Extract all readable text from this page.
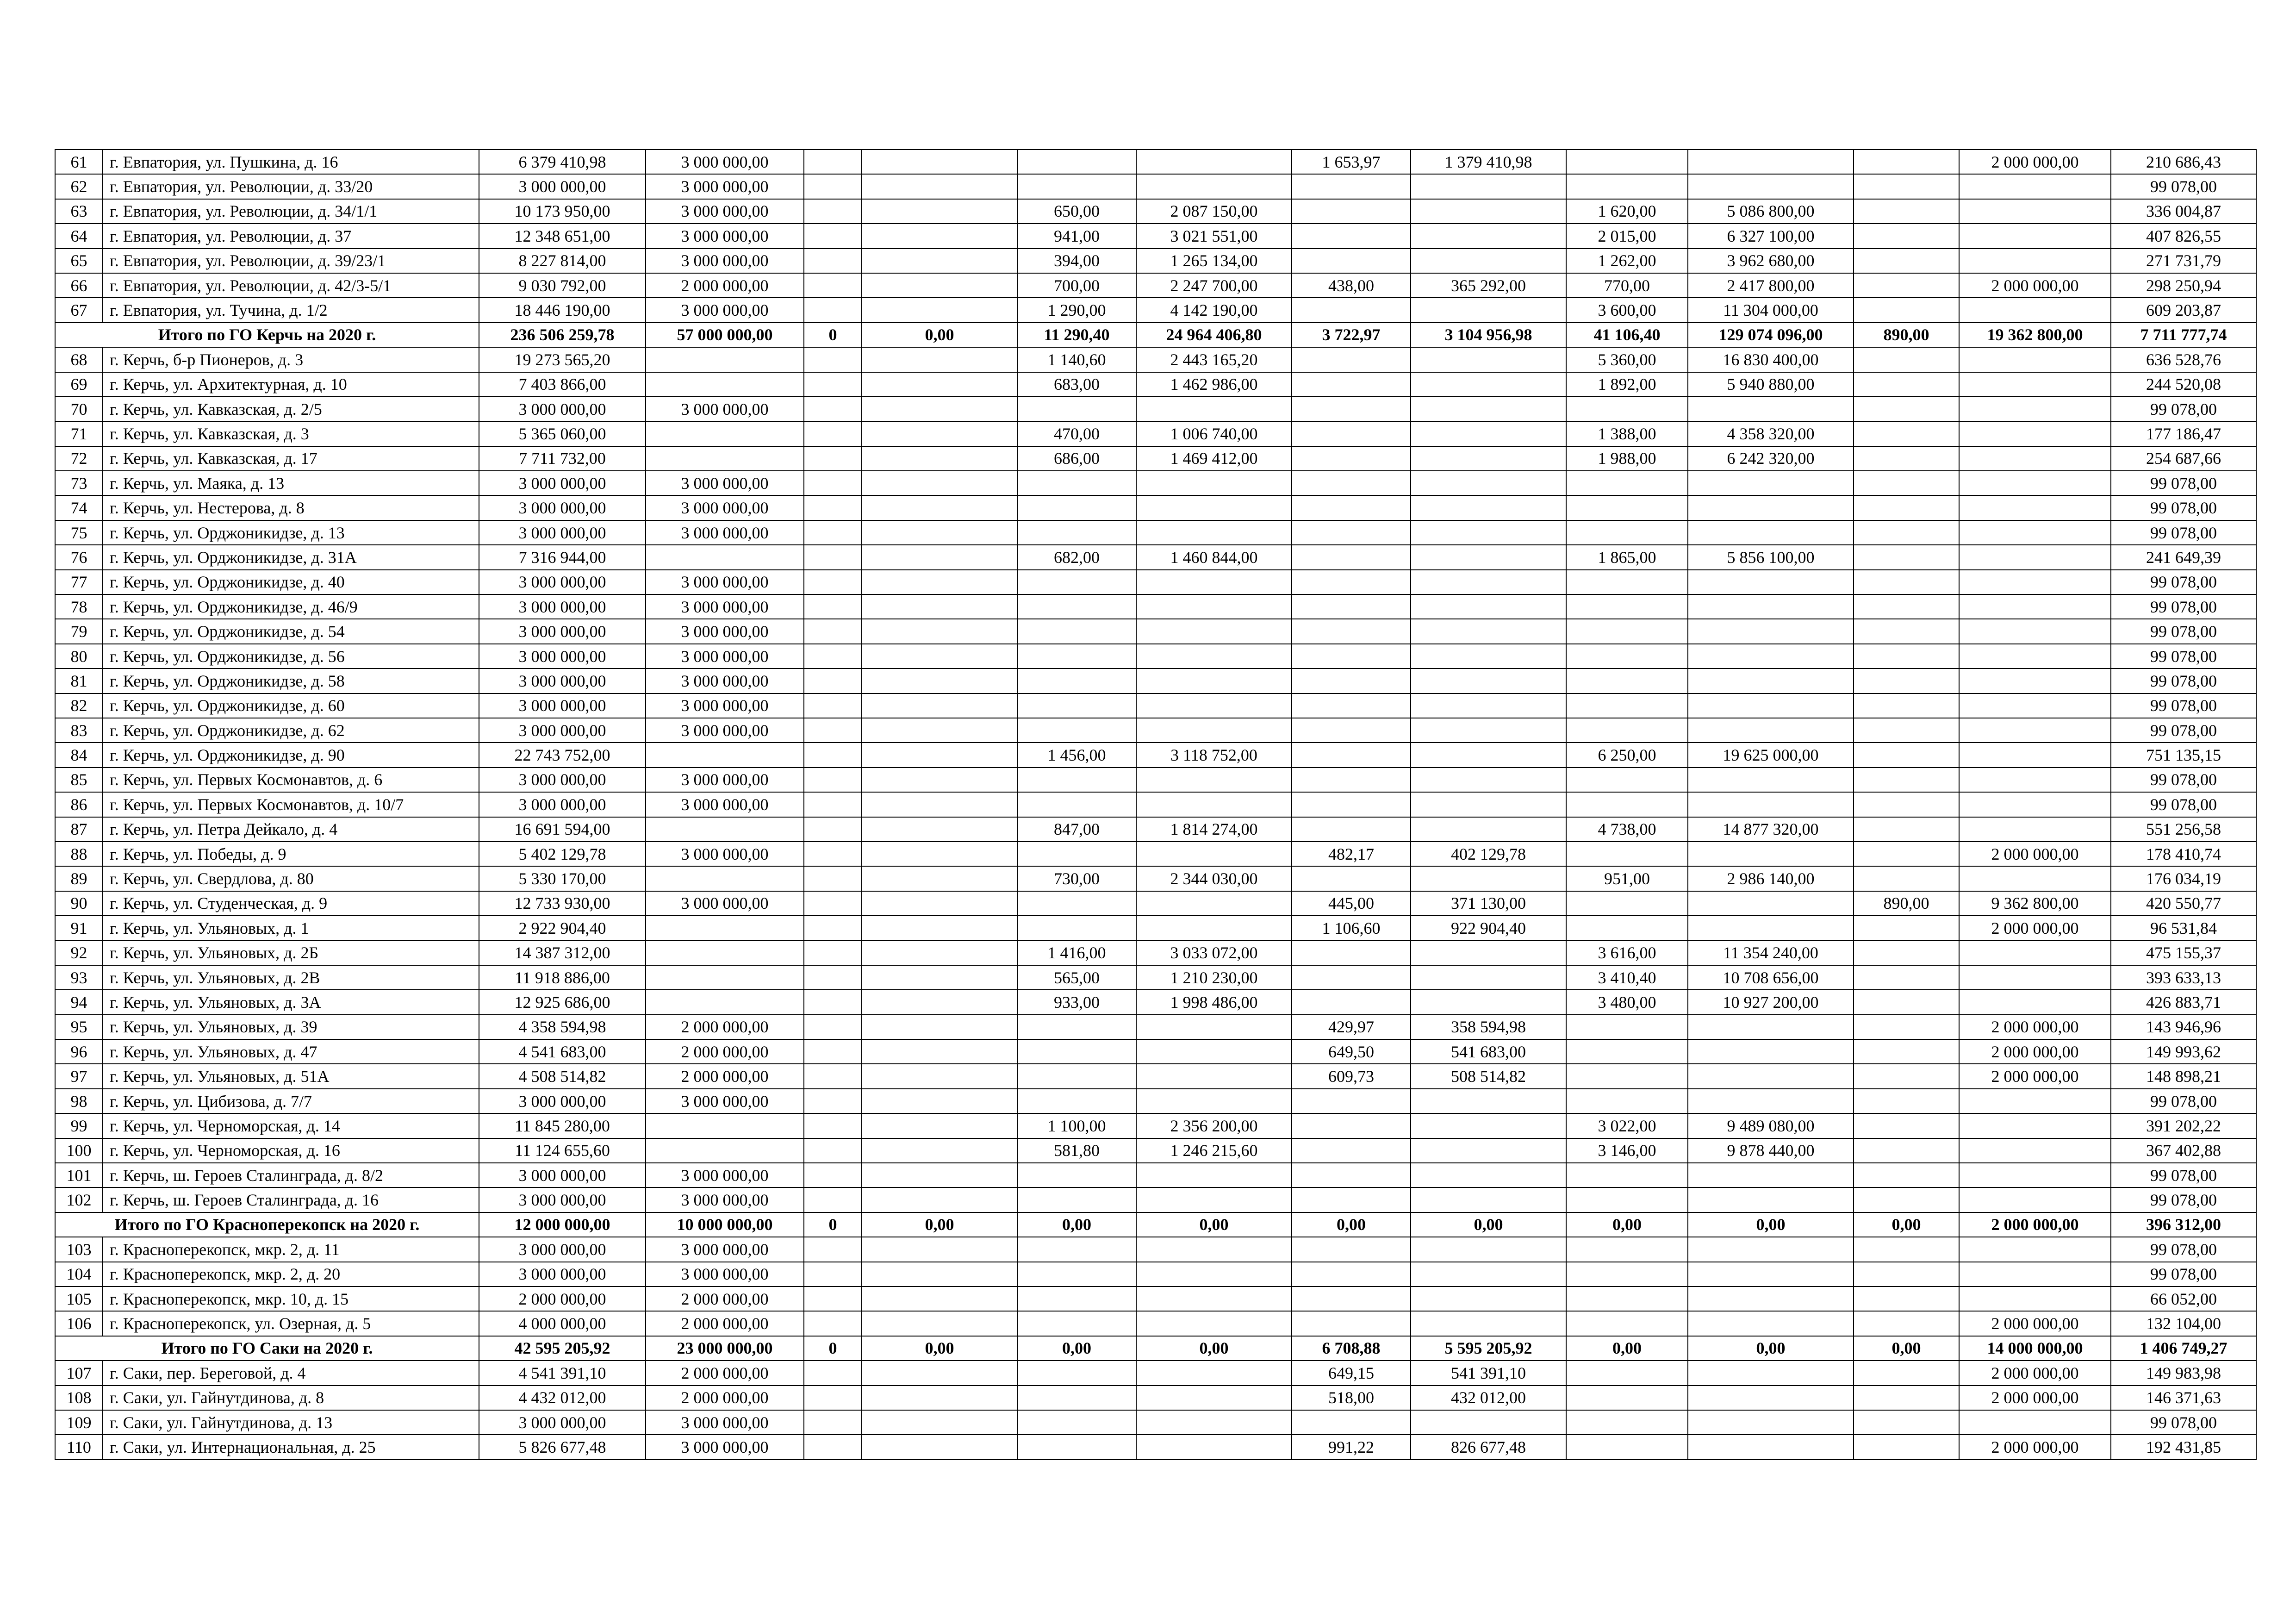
61	г. Евпатория, ул. Пушкина, д. 16	6 379 410,98	3 000 000,00					1 653,97	1 379 410,98				2 000 000,00	210 686,43
62	г. Евпатория, ул. Революции, д. 33/20	3 000 000,00	3 000 000,00											99 078,00
63	г. Евпатория, ул. Революции, д. 34/1/1	10 173 950,00	3 000 000,00			650,00	2 087 150,00			1 620,00	5 086 800,00			336 004,87
64	г. Евпатория, ул. Революции, д. 37	12 348 651,00	3 000 000,00			941,00	3 021 551,00			2 015,00	6 327 100,00			407 826,55
65	г. Евпатория, ул. Революции, д. 39/23/1	8 227 814,00	3 000 000,00			394,00	1 265 134,00			1 262,00	3 962 680,00			271 731,79
66	г. Евпатория, ул. Революции, д. 42/3-5/1	9 030 792,00	2 000 000,00			700,00	2 247 700,00	438,00	365 292,00	770,00	2 417 800,00		2 000 000,00	298 250,94
67	г. Евпатория, ул. Тучина, д. 1/2	18 446 190,00	3 000 000,00			1 290,00	4 142 190,00			3 600,00	11 304 000,00			609 203,87
Итого по ГО Керчь на 2020 г.		236 506 259,78	57 000 000,00	0	0,00	11 290,40	24 964 406,80	3 722,97	3 104 956,98	41 106,40	129 074 096,00	890,00	19 362 800,00	7 711 777,74
68	г. Керчь, б-р Пионеров, д. 3	19 273 565,20				1 140,60	2 443 165,20			5 360,00	16 830 400,00			636 528,76
69	г. Керчь, ул. Архитектурная, д. 10	7 403 866,00				683,00	1 462 986,00			1 892,00	5 940 880,00			244 520,08
70	г. Керчь, ул. Кавказская, д. 2/5	3 000 000,00	3 000 000,00											99 078,00
71	г. Керчь, ул. Кавказская, д. 3	5 365 060,00				470,00	1 006 740,00			1 388,00	4 358 320,00			177 186,47
72	г. Керчь, ул. Кавказская, д. 17	7 711 732,00				686,00	1 469 412,00			1 988,00	6 242 320,00			254 687,66
73	г. Керчь, ул. Маяка, д. 13	3 000 000,00	3 000 000,00											99 078,00
74	г. Керчь, ул. Нестерова, д. 8	3 000 000,00	3 000 000,00											99 078,00
75	г. Керчь, ул. Орджоникидзе, д. 13	3 000 000,00	3 000 000,00											99 078,00
76	г. Керчь, ул. Орджоникидзе, д. 31А	7 316 944,00				682,00	1 460 844,00			1 865,00	5 856 100,00			241 649,39
77	г. Керчь, ул. Орджоникидзе, д. 40	3 000 000,00	3 000 000,00											99 078,00
78	г. Керчь, ул. Орджоникидзе, д. 46/9	3 000 000,00	3 000 000,00											99 078,00
79	г. Керчь, ул. Орджоникидзе, д. 54	3 000 000,00	3 000 000,00											99 078,00
80	г. Керчь, ул. Орджоникидзе, д. 56	3 000 000,00	3 000 000,00											99 078,00
81	г. Керчь, ул. Орджоникидзе, д. 58	3 000 000,00	3 000 000,00											99 078,00
82	г. Керчь, ул. Орджоникидзе, д. 60	3 000 000,00	3 000 000,00											99 078,00
83	г. Керчь, ул. Орджоникидзе, д. 62	3 000 000,00	3 000 000,00											99 078,00
84	г. Керчь, ул. Орджоникидзе, д. 90	22 743 752,00				1 456,00	3 118 752,00			6 250,00	19 625 000,00			751 135,15
85	г. Керчь, ул. Первых Космонавтов, д. 6	3 000 000,00	3 000 000,00											99 078,00
86	г. Керчь, ул. Первых Космонавтов, д. 10/7	3 000 000,00	3 000 000,00											99 078,00
87	г. Керчь, ул. Петра Дейкало, д. 4	16 691 594,00				847,00	1 814 274,00			4 738,00	14 877 320,00			551 256,58
88	г. Керчь, ул. Победы, д. 9	5 402 129,78	3 000 000,00					482,17	402 129,78				2 000 000,00	178 410,74
89	г. Керчь, ул. Свердлова, д. 80	5 330 170,00				730,00	2 344 030,00			951,00	2 986 140,00			176 034,19
90	г. Керчь, ул. Студенческая, д. 9	12 733 930,00	3 000 000,00					445,00	371 130,00			890,00	9 362 800,00	420 550,77
91	г. Керчь, ул. Ульяновых, д. 1	2 922 904,40						1 106,60	922 904,40				2 000 000,00	96 531,84
92	г. Керчь, ул. Ульяновых, д. 2Б	14 387 312,00				1 416,00	3 033 072,00			3 616,00	11 354 240,00			475 155,37
93	г. Керчь, ул. Ульяновых, д. 2В	11 918 886,00				565,00	1 210 230,00			3 410,40	10 708 656,00			393 633,13
94	г. Керчь, ул. Ульяновых, д. 3А	12 925 686,00				933,00	1 998 486,00			3 480,00	10 927 200,00			426 883,71
95	г. Керчь, ул. Ульяновых, д. 39	4 358 594,98	2 000 000,00					429,97	358 594,98				2 000 000,00	143 946,96
96	г. Керчь, ул. Ульяновых, д. 47	4 541 683,00	2 000 000,00					649,50	541 683,00				2 000 000,00	149 993,62
97	г. Керчь, ул. Ульяновых, д. 51А	4 508 514,82	2 000 000,00					609,73	508 514,82				2 000 000,00	148 898,21
98	г. Керчь, ул. Цибизова, д. 7/7	3 000 000,00	3 000 000,00											99 078,00
99	г. Керчь, ул. Черноморская, д. 14	11 845 280,00				1 100,00	2 356 200,00			3 022,00	9 489 080,00			391 202,22
100	г. Керчь, ул. Черноморская, д. 16	11 124 655,60				581,80	1 246 215,60			3 146,00	9 878 440,00			367 402,88
101	г. Керчь, ш. Героев Сталинграда, д. 8/2	3 000 000,00	3 000 000,00											99 078,00
102	г. Керчь, ш. Героев Сталинграда, д. 16	3 000 000,00	3 000 000,00											99 078,00
Итого по ГО Красноперекопск на 2020 г.		12 000 000,00	10 000 000,00	0	0,00	0,00	0,00	0,00	0,00	0,00	0,00	0,00	2 000 000,00	396 312,00
103	г. Красноперекопск, мкр. 2, д. 11	3 000 000,00	3 000 000,00											99 078,00
104	г. Красноперекопск, мкр. 2, д. 20	3 000 000,00	3 000 000,00											99 078,00
105	г. Красноперекопск, мкр. 10, д. 15	2 000 000,00	2 000 000,00											66 052,00
106	г. Красноперекопск, ул. Озерная, д. 5	4 000 000,00	2 000 000,00										2 000 000,00	132 104,00
Итого по ГО Саки на 2020 г.		42 595 205,92	23 000 000,00	0	0,00	0,00	0,00	6 708,88	5 595 205,92	0,00	0,00	0,00	14 000 000,00	1 406 749,27
107	г. Саки, пер. Береговой, д. 4	4 541 391,10	2 000 000,00					649,15	541 391,10				2 000 000,00	149 983,98
108	г. Саки, ул. Гайнутдинова, д. 8	4 432 012,00	2 000 000,00					518,00	432 012,00				2 000 000,00	146 371,63
109	г. Саки, ул. Гайнутдинова, д. 13	3 000 000,00	3 000 000,00											99 078,00
110	г. Саки, ул. Интернациональная, д. 25	5 826 677,48	3 000 000,00					991,22	826 677,48				2 000 000,00	192 431,85
